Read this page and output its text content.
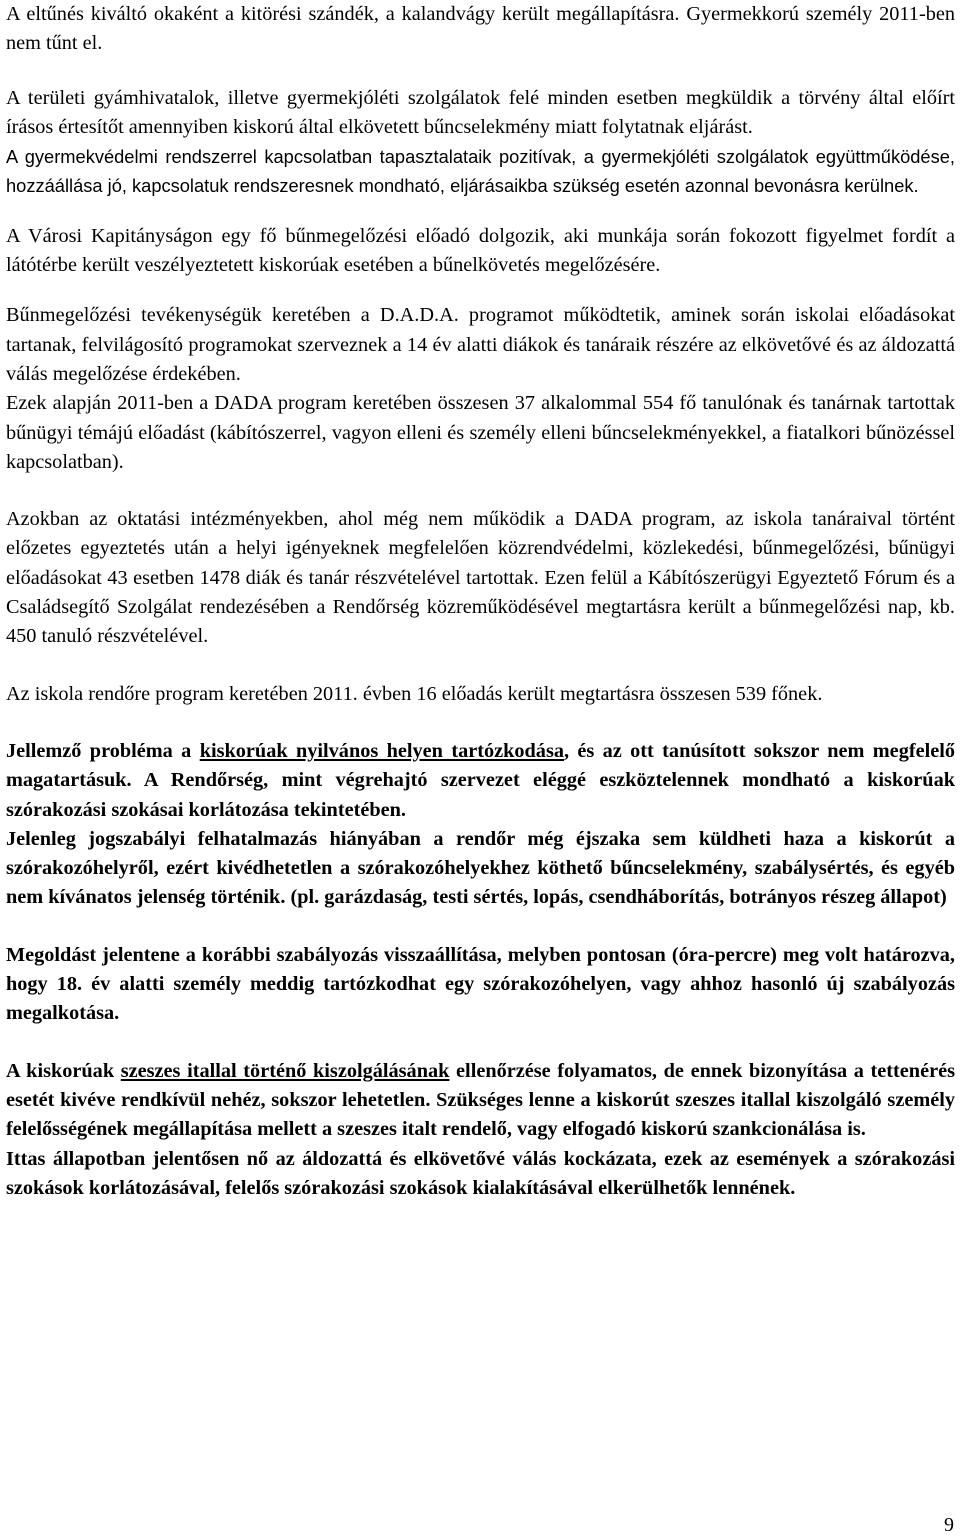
A eltűnés kiváltó okaként a kitörési szándék, a kalandvágy került megállapításra. Gyermekkorú személy 2011-ben nem tűnt el.

A területi gyámhivatalok, illetve gyermekjóléti szolgálatok felé minden esetben megküldik a törvény által előírt írásos értesítőt amennyiben kiskorú által elkövetett bűncselekmény miatt folytatnak eljárást.

A gyermekvédelmi rendszerrel kapcsolatban tapasztalataik pozitívak, a gyermekjóléti szolgálatok együttműködése, hozzáállása jó, kapcsolatuk rendszeresnek mondható, eljárásaikba szükség esetén azonnal bevonásra kerülnek.

A Városi Kapitányságon egy fő bűnmegelőzési előadó dolgozik, aki munkája során fokozott figyelmet fordít a látótérbe került veszélyeztetett kiskorúak esetében a bűnelkövetés megelőzésére.

Bűnmegelőzési tevékenységük keretében a D.A.D.A. programot működtetik, aminek során iskolai előadásokat tartanak, felvilágosító programokat szerveznek a 14 év alatti diákok és tanáraik részére az elkövetővé és az áldozattá válás megelőzése érdekében.

Ezek alapján 2011-ben a DADA program keretében összesen 37 alkalommal 554 fő tanulónak és tanárnak tartottak bűnügyi témájú előadást (kábítószerrel, vagyon elleni és személy elleni bűncselekményekkel, a fiatalkori bűnözéssel kapcsolatban).

Azokban az oktatási intézményekben, ahol még nem működik a DADA program, az iskola tanáraival történt előzetes egyeztetés után a helyi igényeknek megfelelően közrendvédelmi, közlekedési, bűnmegelőzési, bűnügyi előadásokat 43 esetben 1478 diák és tanár részvételével tartottak. Ezen felül a Kábítószerügyi Egyeztető Fórum és a Családsegítő Szolgálat rendezésében a Rendőrség közreműködésével megtartásra került a bűnmegelőzési nap, kb. 450 tanuló részvételével.

Az iskola rendőre program keretében 2011. évben 16 előadás került megtartásra összesen 539 főnek.

Jellemző probléma a kiskorúak nyilvános helyen tartózkodása, és az ott tanúsított sokszor nem megfelelő magatartásuk. A Rendőrség, mint végrehajtó szervezet eléggé eszköztelennek mondható a kiskorúak szórakozási szokásai korlátozása tekintetében.

Jelenleg jogszabályi felhatalmazás hiányában a rendőr még éjszaka sem küldheti haza a kiskorút a szórakozóhelyről, ezért kivédhetetlen a szórakozóhelyekhez köthető bűncselekmény, szabálysértés, és egyéb nem kívánatos jelenség történik. (pl. garázdaság, testi sértés, lopás, csendháborítás, botrányos részeg állapot)

Megoldást jelentene a korábbi szabályozás visszaállítása, melyben pontosan (óra-percre) meg volt határozva, hogy 18. év alatti személy meddig tartózkodhat egy szórakozóhelyen, vagy ahhoz hasonló új szabályozás megalkotása.

A kiskorúak szeszes itallal történő kiszolgálásának ellenőrzése folyamatos, de ennek bizonyítása a tettenérés esetét kivéve rendkívül nehéz, sokszor lehetetlen. Szükséges lenne a kiskorút szeszes itallal kiszolgáló személy felelősségének megállapítása mellett a szeszes italt rendelő, vagy elfogadó kiskorú szankcionálása is.

Ittas állapotban jelentősen nő az áldozattá és elkövetővé válás kockázata, ezek az események a szórakozási szokások korlátozásával, felelős szórakozási szokások kialakításával elkerülhetők lennének.

9
